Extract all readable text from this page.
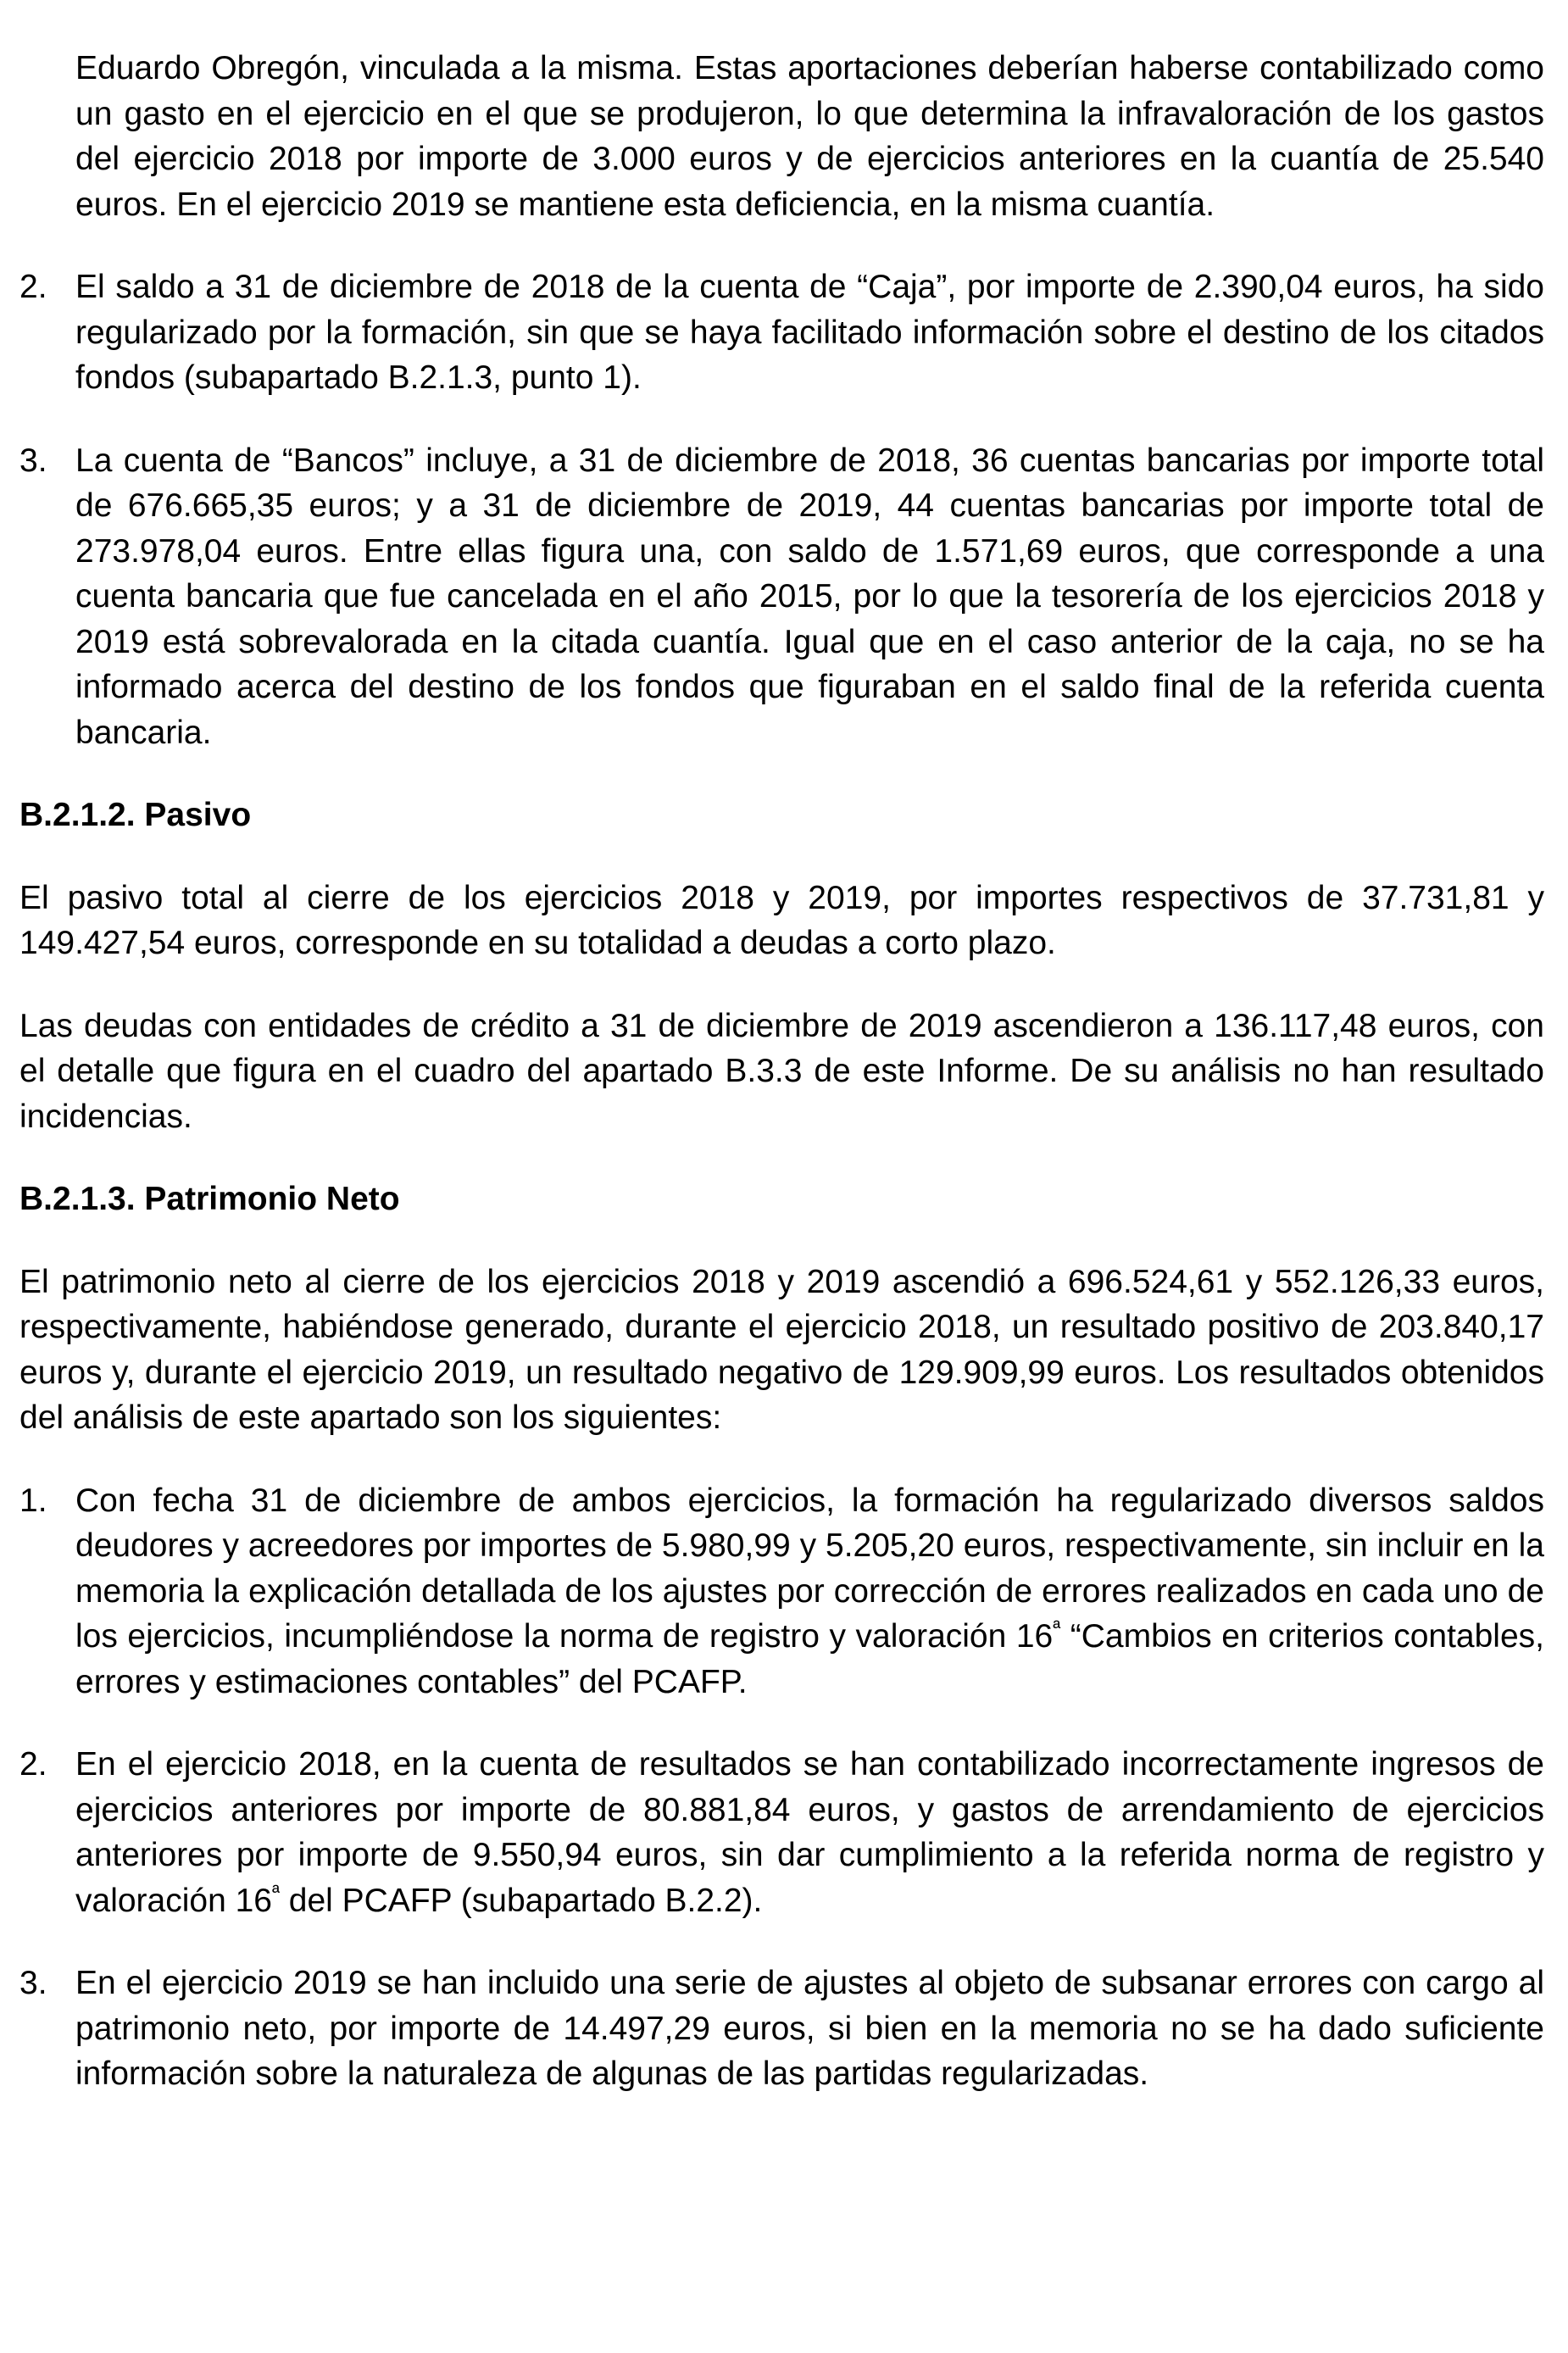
Eduardo Obregón, vinculada a la misma. Estas aportaciones deberían haberse contabilizado como un gasto en el ejercicio en el que se produjeron, lo que determina la infravaloración de los gastos del ejercicio 2018 por importe de 3.000 euros y de ejercicios anteriores en la cuantía de 25.540 euros. En el ejercicio 2019 se mantiene esta deficiencia, en la misma cuantía.

2. El saldo a 31 de diciembre de 2018 de la cuenta de “Caja”, por importe de 2.390,04 euros, ha sido regularizado por la formación, sin que se haya facilitado información sobre el destino de los citados fondos (subapartado B.2.1.3, punto 1).
3. La cuenta de “Bancos” incluye, a 31 de diciembre de 2018, 36 cuentas bancarias por importe total de 676.665,35 euros; y a 31 de diciembre de 2019, 44 cuentas bancarias por importe total de 273.978,04 euros. Entre ellas figura una, con saldo de 1.571,69 euros, que corresponde a una cuenta bancaria que fue cancelada en el año 2015, por lo que la tesorería de los ejercicios 2018 y 2019 está sobrevalorada en la citada cuantía. Igual que en el caso anterior de la caja, no se ha informado acerca del destino de los fondos que figuraban en el saldo final de la referida cuenta bancaria.
B.2.1.2. Pasivo

El pasivo total al cierre de los ejercicios 2018 y 2019, por importes respectivos de 37.731,81 y 149.427,54 euros, corresponde en su totalidad a deudas a corto plazo.

Las deudas con entidades de crédito a 31 de diciembre de 2019 ascendieron a 136.117,48 euros, con el detalle que figura en el cuadro del apartado B.3.3 de este Informe. De su análisis no han resultado incidencias.

B.2.1.3. Patrimonio Neto

El patrimonio neto al cierre de los ejercicios 2018 y 2019 ascendió a 696.524,61 y 552.126,33 euros, respectivamente, habiéndose generado, durante el ejercicio 2018, un resultado positivo de 203.840,17 euros y, durante el ejercicio 2019, un resultado negativo de 129.909,99 euros. Los resultados obtenidos del análisis de este apartado son los siguientes:

1. Con fecha 31 de diciembre de ambos ejercicios, la formación ha regularizado diversos saldos deudores y acreedores por importes de 5.980,99 y 5.205,20 euros, respectivamente, sin incluir en la memoria la explicación detallada de los ajustes por corrección de errores realizados en cada uno de los ejercicios, incumpliéndose la norma de registro y valoración $16^ª$ “Cambios en criterios contables, errores y estimaciones contables” del PCAFP.
2. En el ejercicio 2018, en la cuenta de resultados se han contabilizado incorrectamente ingresos de ejercicios anteriores por importe de 80.881,84 euros, y gastos de arrendamiento de ejercicios anteriores por importe de 9.550,94 euros, sin dar cumplimiento a la referida norma de registro y valoración $16^ª$ del PCAFP (subapartado B.2.2).
3. En el ejercicio 2019 se han incluido una serie de ajustes al objeto de subsanar errores con cargo al patrimonio neto, por importe de 14.497,29 euros, si bien en la memoria no se ha dado suficiente información sobre la naturaleza de algunas de las partidas regularizadas.
